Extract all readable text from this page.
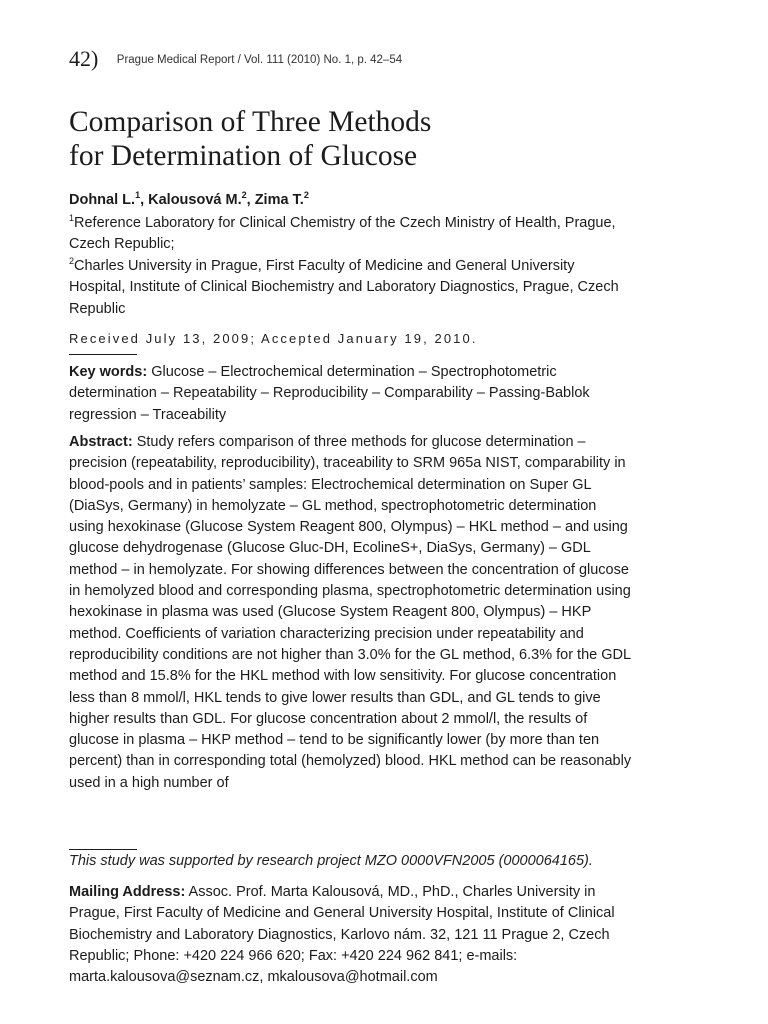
42) Prague Medical Report / Vol. 111 (2010) No. 1, p. 42–54
Comparison of Three Methods
for Determination of Glucose
Dohnal L.$^1$, Kalousová M.$^2$, Zima T.$^2$
$^1$Reference Laboratory for Clinical Chemistry of the Czech Ministry of Health, Prague, Czech Republic;
$^2$Charles University in Prague, First Faculty of Medicine and General University Hospital, Institute of Clinical Biochemistry and Laboratory Diagnostics, Prague, Czech Republic
Received July 13, 2009; Accepted January 19, 2010.
Key words: Glucose – Electrochemical determination – Spectrophotometric determination – Repeatability – Reproducibility – Comparability – Passing-Bablok regression – Traceability
Abstract: Study refers comparison of three methods for glucose determination – precision (repeatability, reproducibility), traceability to SRM 965a NIST, comparability in blood-pools and in patients’ samples: Electrochemical determination on Super GL (DiaSys, Germany) in hemolyzate – GL method, spectrophotometric determination using hexokinase (Glucose System Reagent 800, Olympus) – HKL method – and using glucose dehydrogenase (Glucose Gluc-DH, EcolineS+, DiaSys, Germany) – GDL method – in hemolyzate. For showing differences between the concentration of glucose in hemolyzed blood and corresponding plasma, spectrophotometric determination using hexokinase in plasma was used (Glucose System Reagent 800, Olympus) – HKP method. Coefficients of variation characterizing precision under repeatability and reproducibility conditions are not higher than 3.0% for the GL method, 6.3% for the GDL method and 15.8% for the HKL method with low sensitivity. For glucose concentration less than 8 mmol/l, HKL tends to give lower results than GDL, and GL tends to give higher results than GDL. For glucose concentration about 2 mmol/l, the results of glucose in plasma – HKP method – tend to be significantly lower (by more than ten percent) than in corresponding total (hemolyzed) blood. HKL method can be reasonably used in a high number of
This study was supported by research project MZO 0000VFN2005 (0000064165).
Mailing Address: Assoc. Prof. Marta Kalousová, MD., PhD., Charles University in Prague, First Faculty of Medicine and General University Hospital, Institute of Clinical Biochemistry and Laboratory Diagnostics, Karlovo nám. 32, 121 11 Prague 2, Czech Republic; Phone: +420 224 966 620; Fax: +420 224 962 841; e-mails: marta.kalousova@seznam.cz, mkalousova@hotmail.com
